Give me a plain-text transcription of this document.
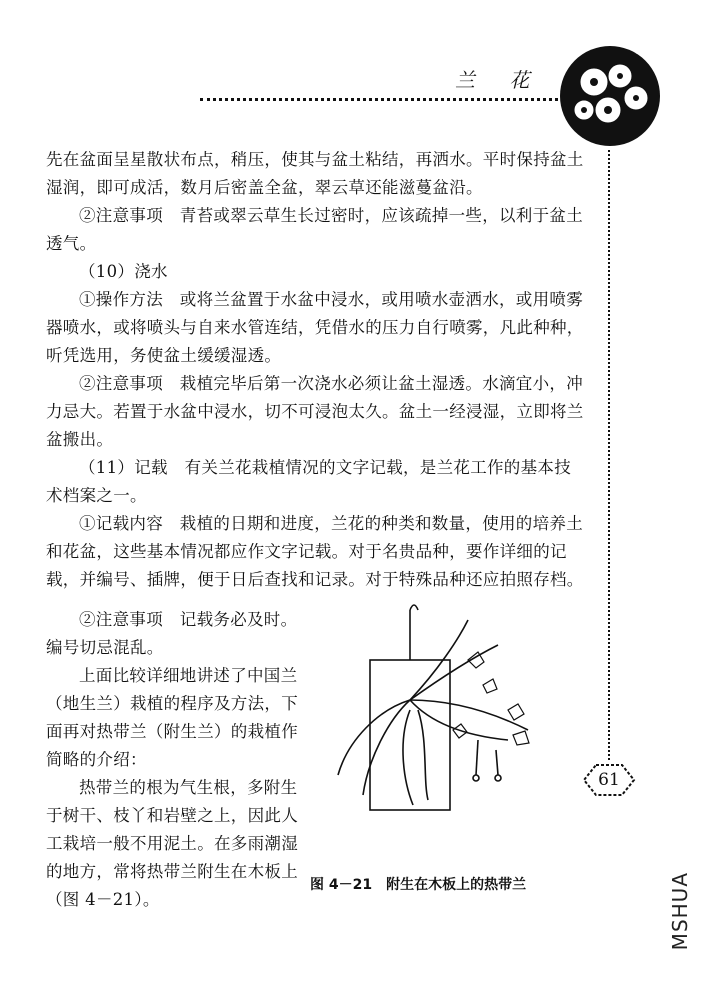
兰 花

先在盆面呈星散状布点，稍压，使其与盆土粘结，再洒水。平时保持盆土湿润，即可成活，数月后密盖全盆，翠云草还能滋蔓盆沿。

②注意事项　青苔或翠云草生长过密时，应该疏掉一些，以利于盆土透气。

（10）浇水

①操作方法　或将兰盆置于水盆中浸水，或用喷水壶洒水，或用喷雾器喷水，或将喷头与自来水管连结，凭借水的压力自行喷雾，凡此种种，听凭选用，务使盆土缓缓湿透。

②注意事项　栽植完毕后第一次浇水必须让盆土湿透。水滴宜小，冲力忌大。若置于水盆中浸水，切不可浸泡太久。盆土一经浸湿，立即将兰盆搬出。

（11）记载　有关兰花栽植情况的文字记载，是兰花工作的基本技术档案之一。

①记载内容　栽植的日期和进度，兰花的种类和数量，使用的培养土和花盆，这些基本情况都应作文字记载。对于名贵品种，要作详细的记载，并编号、插牌，便于日后查找和记录。对于特殊品种还应拍照存档。

②注意事项　记载务必及时。编号切忌混乱。

上面比较详细地讲述了中国兰（地生兰）栽植的程序及方法，下面再对热带兰（附生兰）的栽植作简略的介绍：

热带兰的根为气生根，多附生于树干、枝丫和岩壁之上，因此人工栽培一般不用泥土。在多雨潮湿的地方，常将热带兰附生在木板上（图 4－21）。

图 4－21　附生在木板上的热带兰
61
MSHUA
